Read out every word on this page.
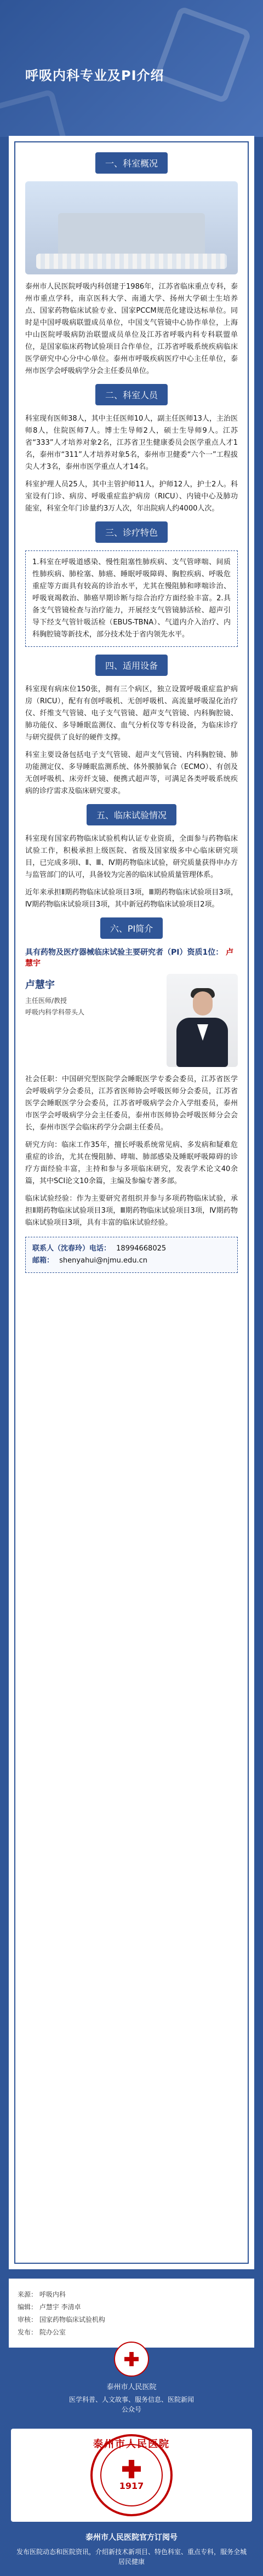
呼吸内科专业及PI介绍
一、科室概况

泰州市人民医院呼吸内科创建于1986年，江苏省临床重点专科，泰州市重点学科，南京医科大学、南通大学、扬州大学硕士生培养点、国家药物临床试验专业、国家PCCM规范化建设达标单位。同时是中国呼吸病联盟成员单位，中国支气管镜中心协作单位，上海中山医院呼吸病防治联盟成员单位及江苏省呼吸内科专科联盟单位，是国家临床药物试验项目合作单位，江苏省呼吸系统疾病临床医学研究中心分中心单位。泰州市呼吸疾病医疗中心主任单位，泰州市医学会呼吸病学分会主任委员单位。

二、科室人员

科室现有医师38人，其中主任医师10人，副主任医师13人，主治医师8人，住院医师7人。博士生导师2人，硕士生导师9人。江苏省“333”人才培养对象2名，江苏省卫生健康委员会医学重点人才1名，泰州市“311”人才培养对象5名，泰州市卫健委“六个一”工程拔尖人才3名，泰州市医学重点人才14名。

科室护理人员25人，其中主管护师11人，护师12人，护士2人。科室设有门诊、病房、呼吸重症监护病房（RICU）、内镜中心及肺功能室，科室全年门诊量约3万人次，年出院病人约4000人次。

三、诊疗特色

1.科室在呼吸道感染、慢性阻塞性肺疾病、支气管哮喘、间质性肺疾病、肺栓塞、肺癌、睡眠呼吸障碍、胸腔疾病、呼吸危重症等方面具有较高的诊治水平，尤其在慢阻肺和哮喘诊治、呼吸衰竭救治、肺癌早期诊断与综合治疗方面经验丰富。2.具备支气管镜检查与治疗能力，开展经支气管镜肺活检、超声引导下经支气管针吸活检（EBUS-TBNA）、气道内介入治疗、内科胸腔镜等新技术，部分技术处于省内领先水平。

四、适用设备

科室现有病床位150张，拥有三个病区，独立设置呼吸重症监护病房（RICU），配有有创呼吸机、无创呼吸机、高流量呼吸湿化治疗仪、纤维支气管镜、电子支气管镜、超声支气管镜、内科胸腔镜、肺功能仪、多导睡眠监测仪、血气分析仪等专科设备，为临床诊疗与研究提供了良好的硬件支撑。

科室主要设备包括电子支气管镜、超声支气管镜、内科胸腔镜、肺功能测定仪、多导睡眠监测系统、体外膜肺氧合（ECMO）、有创及无创呼吸机、床旁纤支镜、便携式超声等，可满足各类呼吸系统疾病的诊疗需求及临床研究要求。

五、临床试验情况

科室现有国家药物临床试验机构认证专业资质，全面参与药物临床试验工作，积极承担上级医院、省级及国家级多中心临床研究项目，已完成多项Ⅰ、Ⅱ、Ⅲ、Ⅳ期药物临床试验，研究质量获得申办方与监管部门的认可，具备较为完善的临床试验质量管理体系。

近年来承担Ⅱ期药物临床试验项目3项，Ⅲ期药物临床试验项目3项，Ⅳ期药物临床试验项目3项，其中新冠药物临床试验项目2项。

六、PI简介
具有药物及医疗器械临床试验主要研究者（PI）资质1位： 卢慧宇
卢慧宇
主任医师/教授
呼吸内科学科带头人

社会任职：中国研究型医院学会睡眠医学专委会委员，江苏省医学会呼吸病学分会委员，江苏省医师协会呼吸医师分会委员，江苏省医学会睡眠医学分会委员，江苏省呼吸病学会介入学组委员，泰州市医学会呼吸病学分会主任委员，泰州市医师协会呼吸医师分会会长，泰州市医学会临床药学分会副主任委员。

研究方向：临床工作35年，擅长呼吸系统常见病、多发病和疑难危重症的诊治，尤其在慢阻肺、哮喘、肺部感染及睡眠呼吸障碍的诊疗方面经验丰富，主持和参与多项临床研究，发表学术论文40余篇，其中SCI论文10余篇，主编及参编专著多部。

临床试验经验：作为主要研究者组织并参与多项药物临床试验，承担Ⅱ期药物临床试验项目3项，Ⅲ期药物临床试验项目3项，Ⅳ期药物临床试验项目3项，具有丰富的临床试验经验。

联系人（沈春玲）电话： 18994668025
邮箱： shenyahui@njmu.edu.cn
来源： 呼吸内科
编辑： 卢慧宇 李清卓
审核： 国家药物临床试验机构
发布： 院办公室
泰州市人民医院
医学科普、人文故事、服务信息、医院新闻
公众号
泰州市人民医院
1917
泰州市人民医院官方订阅号
发布医院动态和医院资讯，介绍新技术新项目、特色科室、重点专科，服务全城居民健康
